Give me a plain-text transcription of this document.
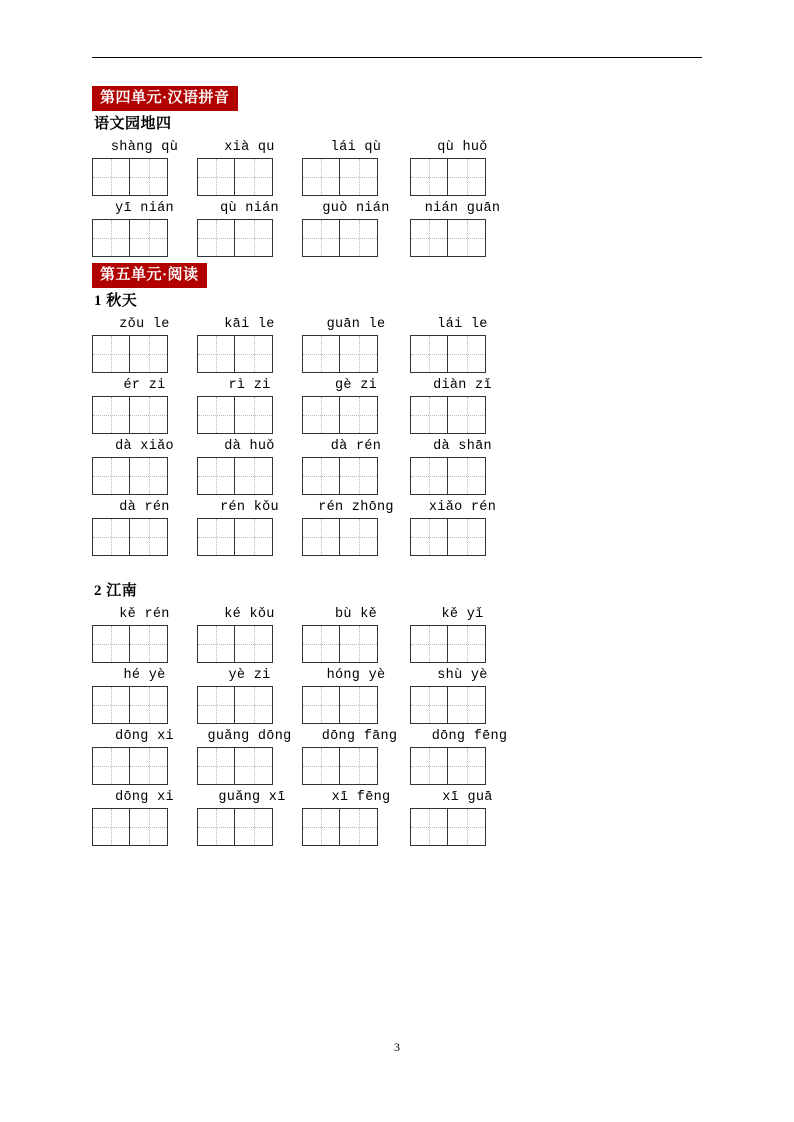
第四单元·汉语拼音
语文园地四
shàng qù	xià qu	lái qù	qù huǒ
yī nián	qù nián	guò nián	nián guān
第五单元·阅读
1 秋天
zǒu le	kāi le	guān le	lái le
ér zi	rì zi	gè zi	diàn zǐ
dà xiǎo	dà huǒ	dà rén	dà shān
dà rén	rén kǒu	rén zhōng	xiǎo rén
2 江南
kě rén	ké kǒu	bù kě	kě yǐ
hé yè	yè zi	hóng yè	shù yè
dōng xi	guǎng dōng	dōng fāng	dōng fēng
dōng xi	guǎng xī	xī fēng	xī guā
3
